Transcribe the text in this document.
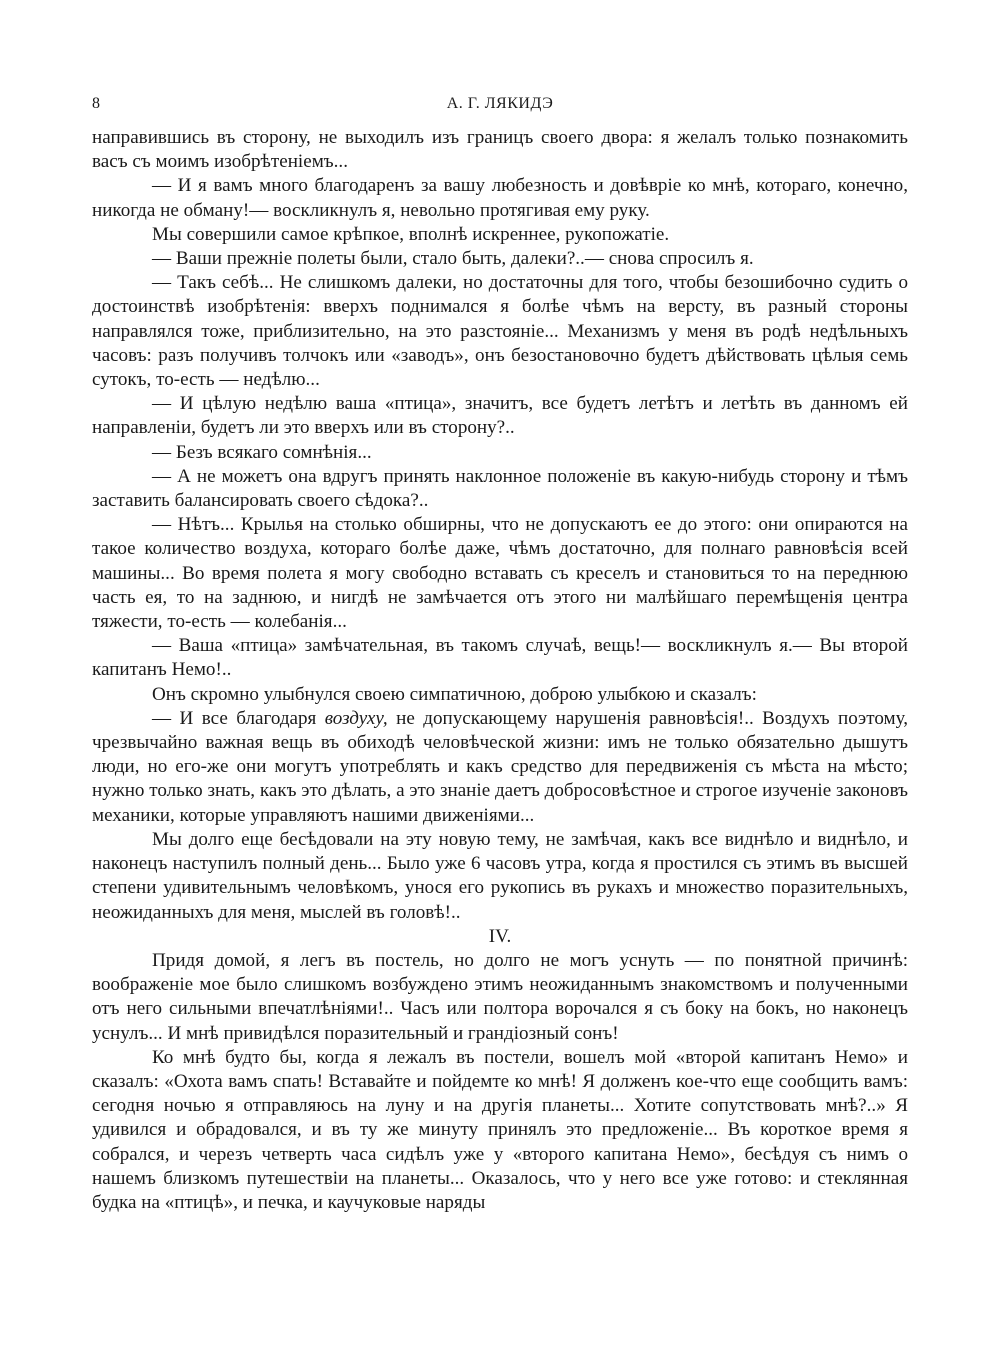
8	А. Г. ЛЯКИДЭ

направившись въ сторону, не выходилъ изъ границъ своего двора: я желалъ только познакомить васъ съ моимъ изобрѣтеніемъ...

— И я вамъ много благодаренъ за вашу любезность и довѣвріе ко мнѣ, котораго, конечно, никогда не обману!— воскликнулъ я, невольно протягивая ему руку.

Мы совершили самое крѣпкое, вполнѣ искреннее, рукопожатіе.

— Ваши прежніе полеты были, стало быть, далеки?..— снова спросилъ я.

— Такъ себѣ... Не слишкомъ далеки, но достаточны для того, чтобы безошибочно судить о достоинствѣ изобрѣтенія: вверхъ поднимался я болѣе чѣмъ на версту, въ разный стороны направлялся тоже, приблизительно, на это разстояніе... Механизмъ у меня въ родѣ недѣльныхъ часовъ: разъ получивъ толчокъ или «заводъ», онъ безостановочно будетъ дѣйствовать цѣлыя семь сутокъ, то-есть — недѣлю...

— И цѣлую недѣлю ваша «птица», значитъ, все будетъ летѣтъ и летѣть въ данномъ ей направленіи, будетъ ли это вверхъ или въ сторону?..

— Безъ всякаго сомнѣнія...

— А не можетъ она вдругъ принять наклонное положеніе въ какую-нибудь сторону и тѣмъ заставить балансировать своего сѣдока?..

— Нѣтъ... Крылья на столько обширны, что не допускаютъ ее до этого: они опираются на такое количество воздуха, котораго болѣе даже, чѣмъ достаточно, для полнаго равновѣсія всей машины... Во время полета я могу свободно вставать съ креселъ и становиться то на переднюю часть ея, то на заднюю, и нигдѣ не замѣчается отъ этого ни малѣйшаго перемѣщенія центра тяжести, то-есть — колебанія...

— Ваша «птица» замѣчательная, въ такомъ случаѣ, вещь!— воскликнулъ я.— Вы второй капитанъ Немо!..

Онъ скромно улыбнулся своею симпатичною, доброю улыбкою и сказалъ:

— И все благодаря воздуху, не допускающему нарушенія равновѣсія!.. Воздухъ поэтому, чрезвычайно важная вещь въ обиходѣ человѣческой жизни: имъ не только обязательно дышутъ люди, но его-же они могутъ употреблять и какъ средство для передвиженія съ мѣста на мѣсто; нужно только знать, какъ это дѣлать, а это знаніе даетъ добросовѣстное и строгое изученіе законовъ механики, которые управляютъ нашими движеніями...

Мы долго еще бесѣдовали на эту новую тему, не замѣчая, какъ все виднѣло и виднѣло, и наконецъ наступилъ полный день... Было уже 6 часовъ утра, когда я простился съ этимъ въ высшей степени удивительнымъ человѣкомъ, унося его рукопись въ рукахъ и множество поразительныхъ, неожиданныхъ для меня, мыслей въ головѣ!..

IV.

Придя домой, я легъ въ постель, но долго не могъ уснуть — по понятной причинѣ: воображеніе мое было слишкомъ возбуждено этимъ неожиданнымъ знакомствомъ и полученными отъ него сильными впечатлѣніями!.. Часъ или полтора ворочался я съ боку на бокъ, но наконецъ уснулъ... И мнѣ привидѣлся поразительный и грандіозный сонъ!

Ко мнѣ будто бы, когда я лежалъ въ постели, вошелъ мой «второй капитанъ Немо» и сказалъ: «Охота вамъ спать! Вставайте и пойдемте ко мнѣ! Я долженъ кое-что еще сообщить вамъ: сегодня ночью я отправляюсь на луну и на другія планеты... Хотите сопутствовать мнѣ?..» Я удивился и обрадовался, и въ ту же минуту принялъ это предложеніе... Въ короткое время я собрался, и черезъ четверть часа сидѣлъ уже у «второго капитана Немо», бесѣдуя съ нимъ о нашемъ близкомъ путешествіи на планеты... Оказалось, что у него все уже готово: и стеклянная будка на «птицѣ», и печка, и каучуковые наряды
